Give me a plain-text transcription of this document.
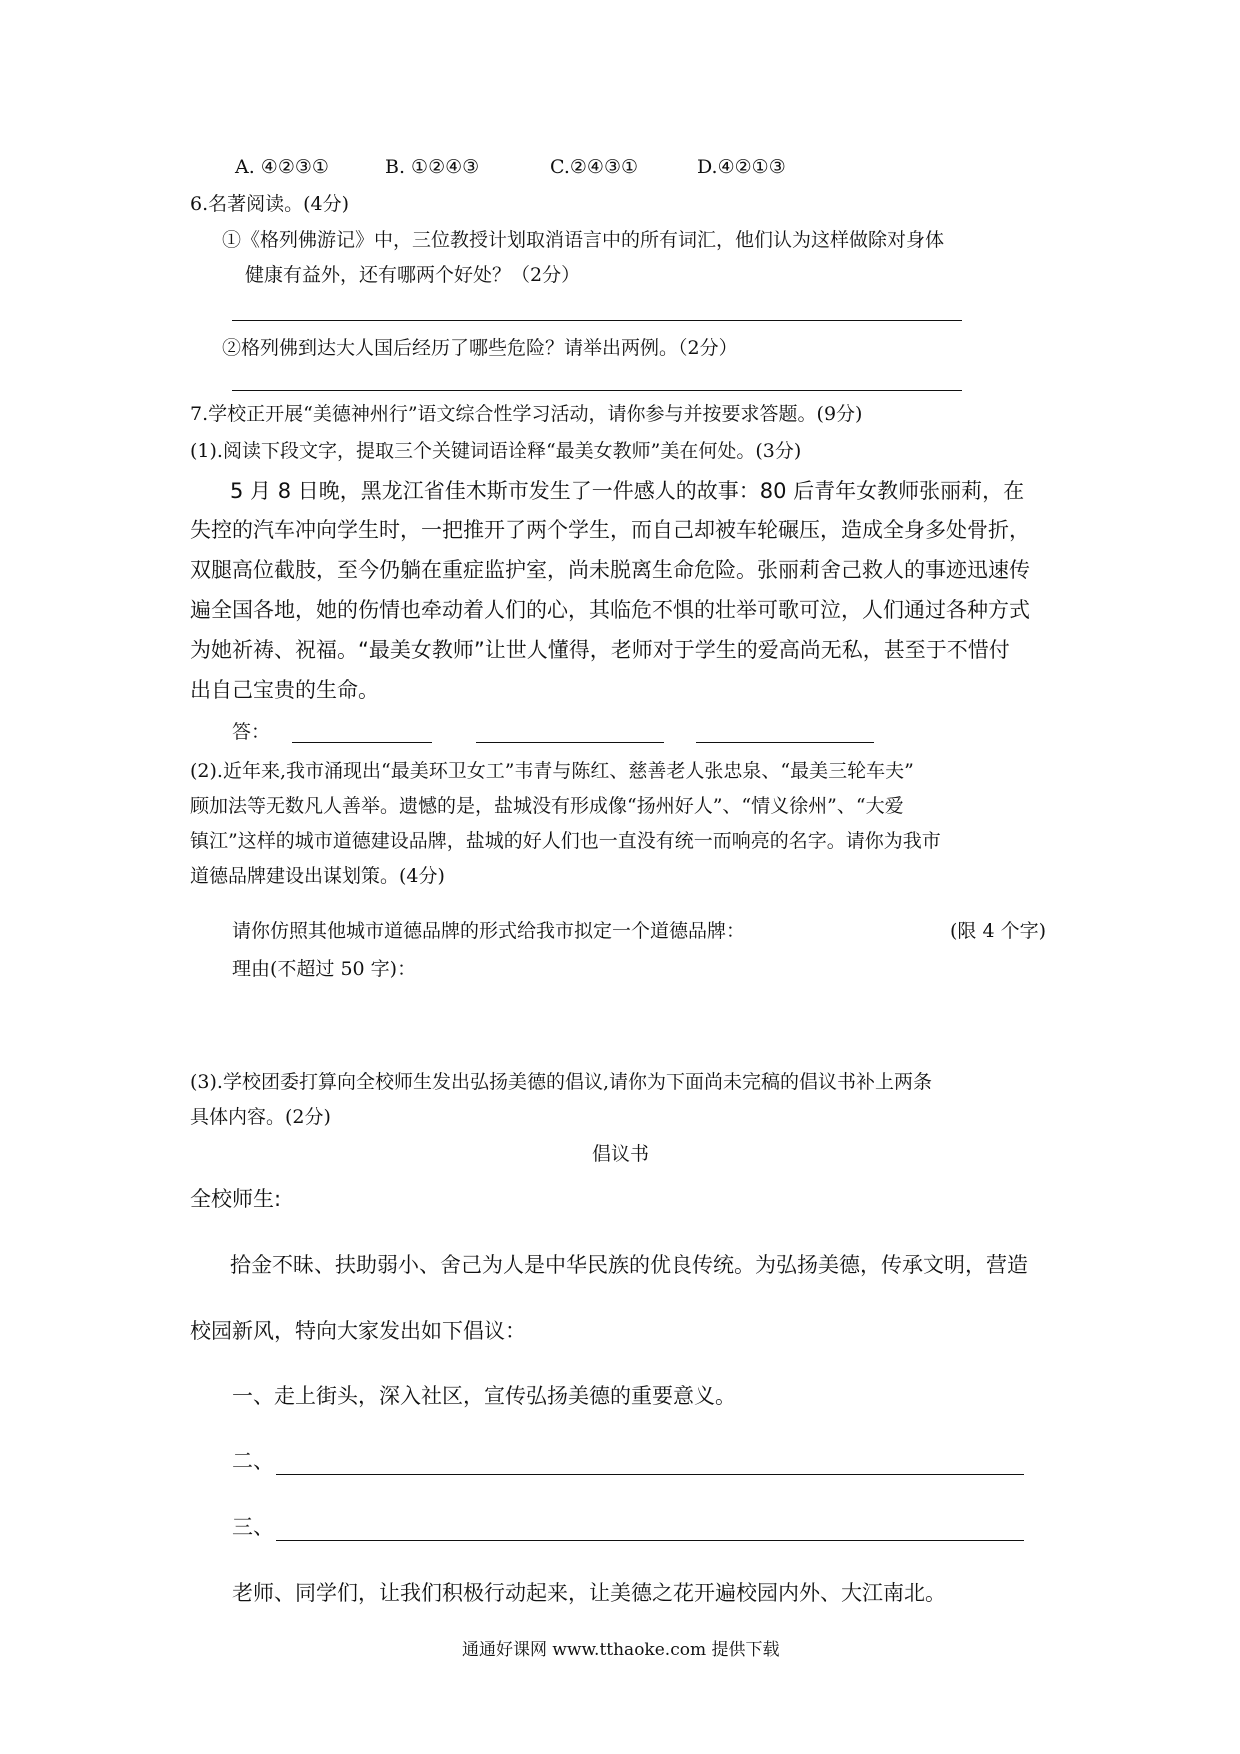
A. ④②③①	B. ①②④③	C.②④③①	D.④②①③
6.名著阅读。(4分)
①《格列佛游记》中，三位教授计划取消语言中的所有词汇，他们认为这样做除对身体
健康有益外，还有哪两个好处？（2分）
②格列佛到达大人国后经历了哪些危险？请举出两例。（2分）
7.学校正开展“美德神州行”语文综合性学习活动，请你参与并按要求答题。(9分)
(1).阅读下段文字，提取三个关键词语诠释“最美女教师”美在何处。(3分)
5 月 8 日晚，黑龙江省佳木斯市发生了一件感人的故事：80 后青年女教师张丽莉，在
失控的汽车冲向学生时，一把推开了两个学生，而自己却被车轮碾压，造成全身多处骨折，
双腿高位截肢，至今仍躺在重症监护室，尚未脱离生命危险。张丽莉舍己救人的事迹迅速传
遍全国各地，她的伤情也牵动着人们的心，其临危不惧的壮举可歌可泣，人们通过各种方式
为她祈祷、祝福。“最美女教师”让世人懂得，老师对于学生的爱高尚无私，甚至于不惜付
出自己宝贵的生命。
答：
(2).近年来,我市涌现出“最美环卫女工”韦青与陈红、慈善老人张忠泉、“最美三轮车夫”
顾加法等无数凡人善举。遗憾的是，盐城没有形成像“扬州好人”、“情义徐州”、“大爱
镇江”这样的城市道德建设品牌，盐城的好人们也一直没有统一而响亮的名字。请你为我市
道德品牌建设出谋划策。(4分)
请你仿照其他城市道德品牌的形式给我市拟定一个道德品牌：	(限 4 个字)
理由(不超过 50 字)：
(3).学校团委打算向全校师生发出弘扬美德的倡议,请你为下面尚未完稿的倡议书补上两条
具体内容。(2分)
倡议书
全校师生:
拾金不昧、扶助弱小、舍己为人是中华民族的优良传统。为弘扬美德，传承文明，营造
校园新风，特向大家发出如下倡议：
一、走上街头，深入社区，宣传弘扬美德的重要意义。
二、
三、
老师、同学们，让我们积极行动起来，让美德之花开遍校园内外、大江南北。
通通好课网 www.tthaoke.com 提供下载
